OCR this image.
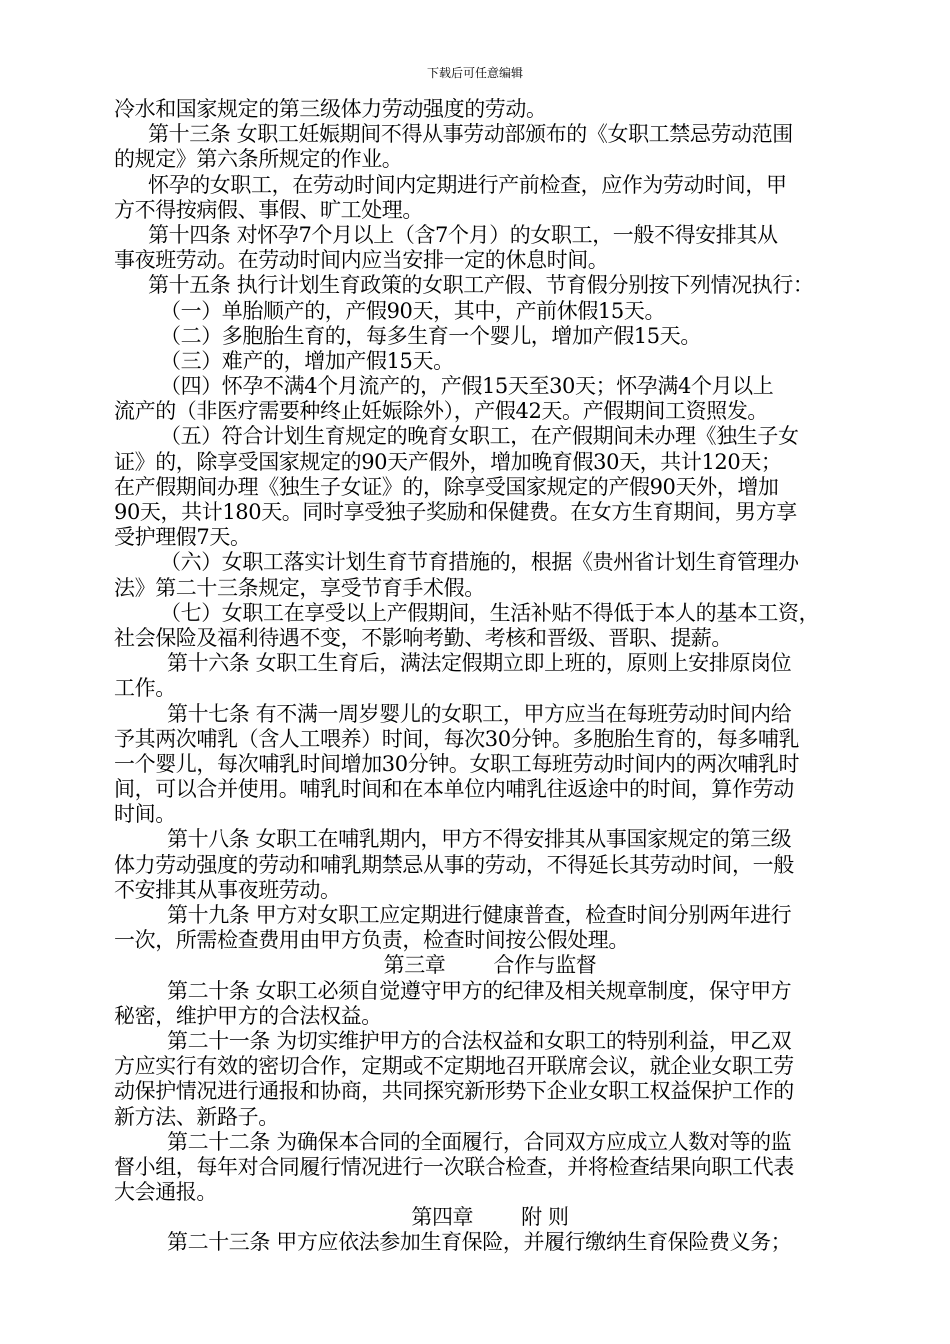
下载后可任意编辑
冷水和国家规定的第三级体力劳动强度的劳动。
第十三条 女职工妊娠期间不得从事劳动部颁布的《女职工禁忌劳动范围
的规定》第六条所规定的作业。
怀孕的女职工，在劳动时间内定期进行产前检查，应作为劳动时间，甲
方不得按病假、事假、旷工处理。
第十四条 对怀孕7个月以上（含7个月）的女职工，一般不得安排其从
事夜班劳动。在劳动时间内应当安排一定的休息时间。
第十五条 执行计划生育政策的女职工产假、节育假分别按下列情况执行：
（一）单胎顺产的，产假90天，其中，产前休假15天。
（二）多胞胎生育的，每多生育一个婴儿，增加产假15天。
（三）难产的，增加产假15天。
（四）怀孕不满4个月流产的，产假15天至30天；怀孕满4个月以上
流产的（非医疗需要种终止妊娠除外），产假42天。产假期间工资照发。
（五）符合计划生育规定的晚育女职工，在产假期间未办理《独生子女
证》的，除享受国家规定的90天产假外，增加晚育假30天，共计120天；
在产假期间办理《独生子女证》的，除享受国家规定的产假90天外，增加
90天，共计180天。同时享受独子奖励和保健费。在女方生育期间，男方享
受护理假7天。
（六）女职工落实计划生育节育措施的，根据《贵州省计划生育管理办
法》第二十三条规定，享受节育手术假。
（七）女职工在享受以上产假期间，生活补贴不得低于本人的基本工资，
社会保险及福利待遇不变，不影响考勤、考核和晋级、晋职、提薪。
第十六条 女职工生育后，满法定假期立即上班的，原则上安排原岗位
工作。
第十七条 有不满一周岁婴儿的女职工，甲方应当在每班劳动时间内给
予其两次哺乳（含人工喂养）时间，每次30分钟。多胞胎生育的，每多哺乳
一个婴儿，每次哺乳时间增加30分钟。女职工每班劳动时间内的两次哺乳时
间，可以合并使用。哺乳时间和在本单位内哺乳往返途中的时间，算作劳动
时间。
第十八条 女职工在哺乳期内，甲方不得安排其从事国家规定的第三级
体力劳动强度的劳动和哺乳期禁忌从事的劳动，不得延长其劳动时间，一般
不安排其从事夜班劳动。
第十九条 甲方对女职工应定期进行健康普查，检查时间分别两年进行
一次，所需检查费用由甲方负责，检查时间按公假处理。
第三章 合作与监督
第二十条 女职工必须自觉遵守甲方的纪律及相关规章制度，保守甲方
秘密，维护甲方的合法权益。
第二十一条 为切实维护甲方的合法权益和女职工的特别利益，甲乙双
方应实行有效的密切合作，定期或不定期地召开联席会议，就企业女职工劳
动保护情况进行通报和协商，共同探究新形势下企业女职工权益保护工作的
新方法、新路子。
第二十二条 为确保本合同的全面履行，合同双方应成立人数对等的监
督小组，每年对合同履行情况进行一次联合检查，并将检查结果向职工代表
大会通报。
第四章 附 则
第二十三条 甲方应依法参加生育保险，并履行缴纳生育保险费义务；
